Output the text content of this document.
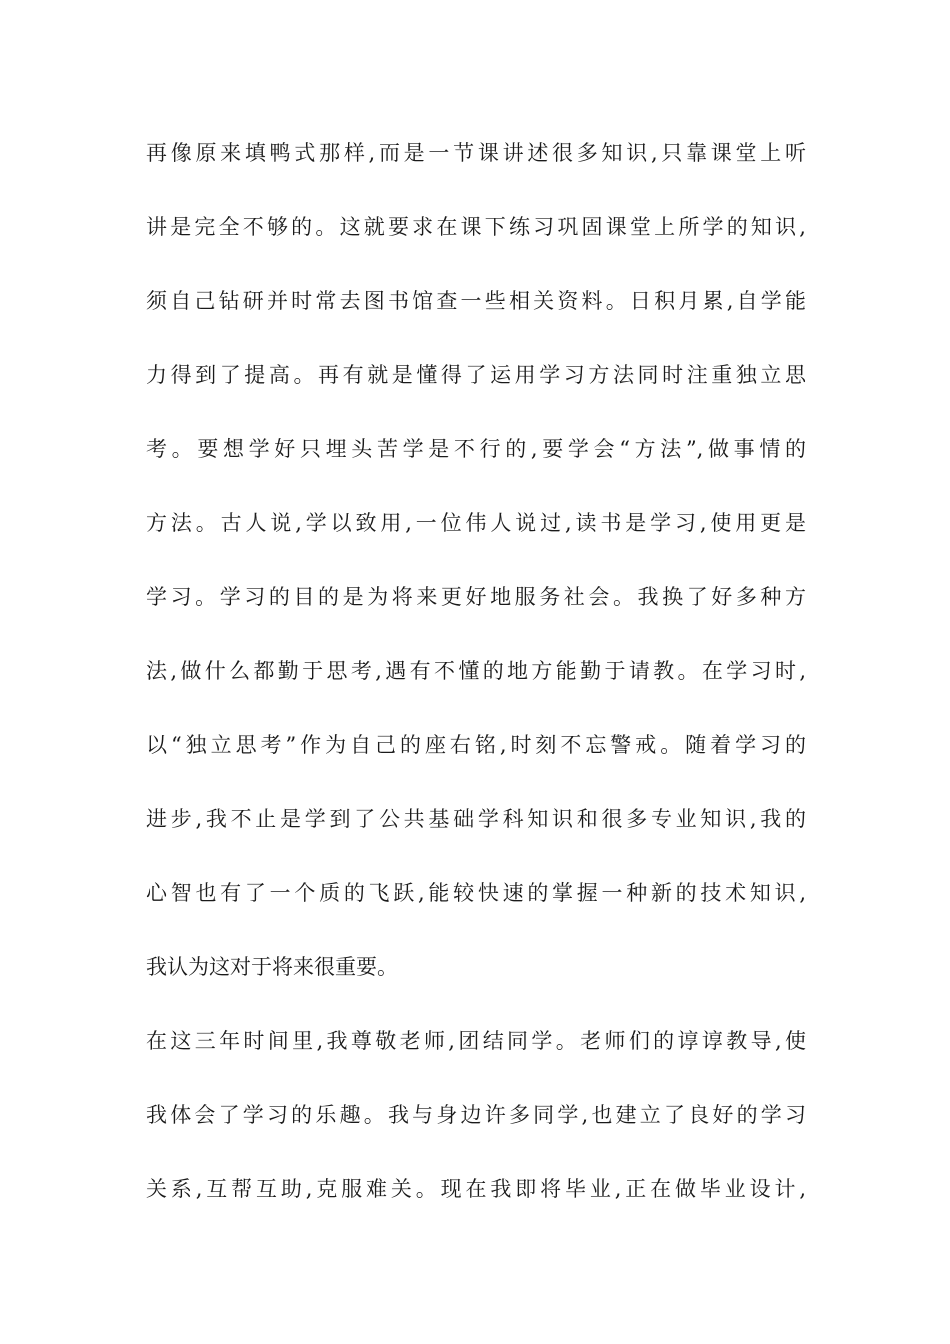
再像原来填鸭式那样,而是一节课讲述很多知识,只靠课堂上听
讲是完全不够的。这就要求在课下练习巩固课堂上所学的知识,
须自己钻研并时常去图书馆查一些相关资料。日积月累,自学能
力得到了提高。再有就是懂得了运用学习方法同时注重独立思
考。要想学好只埋头苦学是不行的,要学会“方法”,做事情的
方法。古人说,学以致用,一位伟人说过,读书是学习,使用更是
学习。学习的目的是为将来更好地服务社会。我换了好多种方
法,做什么都勤于思考,遇有不懂的地方能勤于请教。在学习时,
以“独立思考”作为自己的座右铭,时刻不忘警戒。随着学习的
进步,我不止是学到了公共基础学科知识和很多专业知识,我的
心智也有了一个质的飞跃,能较快速的掌握一种新的技术知识,
我认为这对于将来很重要。
在这三年时间里,我尊敬老师,团结同学。老师们的谆谆教导,使
我体会了学习的乐趣。我与身边许多同学,也建立了良好的学习
关系,互帮互助,克服难关。现在我即将毕业,正在做毕业设计,
